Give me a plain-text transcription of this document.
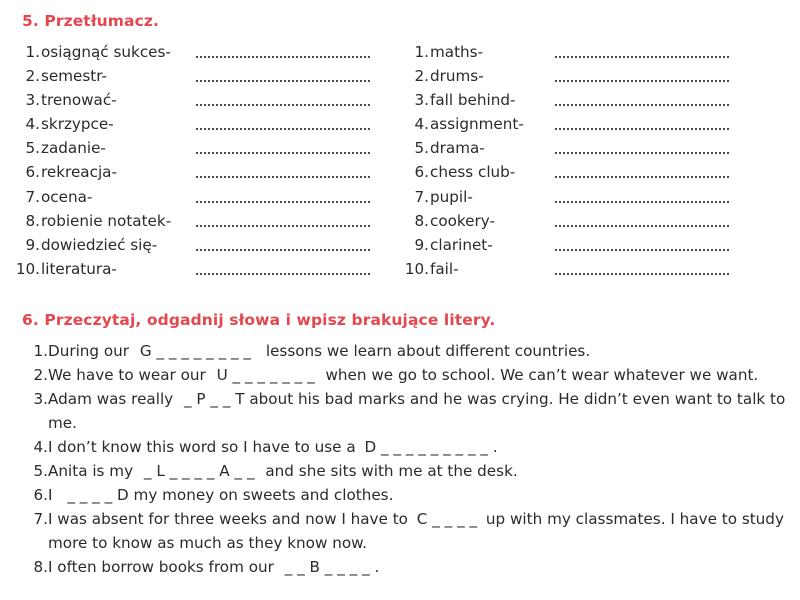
5. Przetłumacz.
1. osiągnąć sukces-
2. semestr-
3. trenować-
4. skrzypce-
5. zadanie-
6. rekreacja-
7. ocena-
8. robienie notatek-
9. dowiedzieć się-
10. literatura-
1. maths-
2. drums-
3. fall behind-
4. assignment-
5. drama-
6. chess club-
7. pupil-
8. cookery-
9. clarinet-
10. fail-
6. Przeczytaj, odgadnij słowa i wpisz brakujące litery.
1. During our G _ _ _ _ _ _ _ _ lessons we learn about different countries.
2. We have to wear our U _ _ _ _ _ _ _ when we go to school. We can’t wear whatever we want.
3. Adam was really _ P _ _ T about his bad marks and he was crying. He didn’t even want to talk to me.
4. I don’t know this word so I have to use a D _ _ _ _ _ _ _ _ _ .
5. Anita is my _ L _ _ _ _ A _ _ and she sits with me at the desk.
6. I _ _ _ _ D my money on sweets and clothes.
7. I was absent for three weeks and now I have to C _ _ _ _ up with my classmates. I have to study more to know as much as they know now.
8. I often borrow books from our _ _ B _ _ _ _ .
